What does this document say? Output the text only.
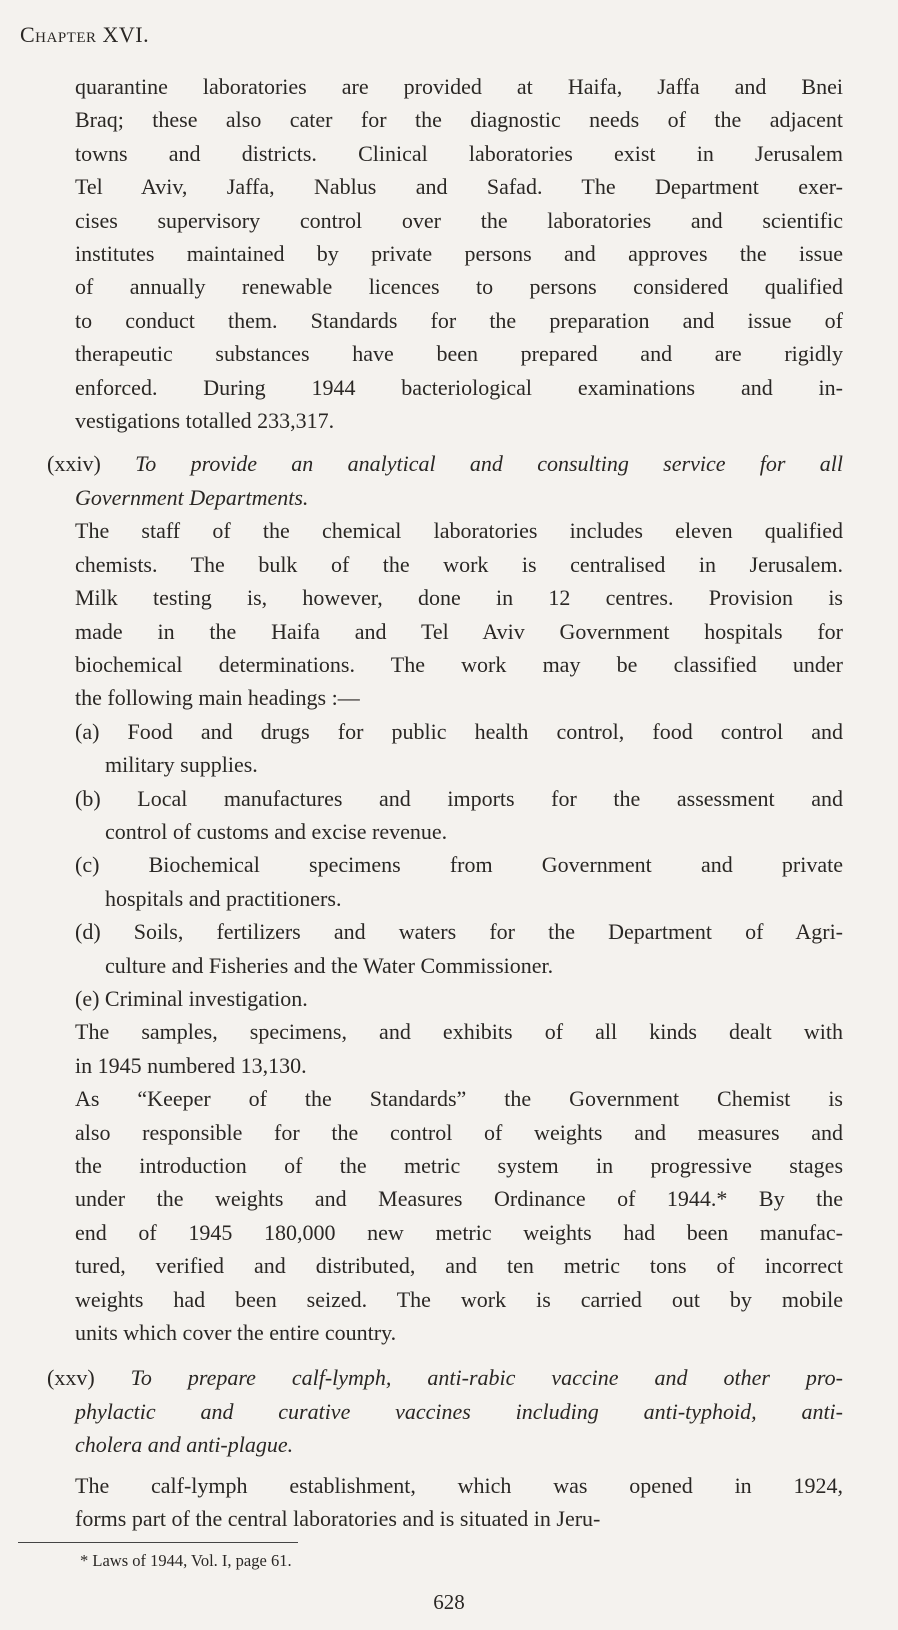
Chapter XVI.
quarantine laboratories are provided at Haifa, Jaffa and Bnei
Braq; these also cater for the diagnostic needs of the adjacent
towns and districts. Clinical laboratories exist in Jerusalem
Tel Aviv, Jaffa, Nablus and Safad. The Department exer-
cises supervisory control over the laboratories and scientific
institutes maintained by private persons and approves the issue
of annually renewable licences to persons considered qualified
to conduct them. Standards for the preparation and issue of
therapeutic substances have been prepared and are rigidly
enforced. During 1944 bacteriological examinations and in-
vestigations totalled 233,317.
(xxiv) To provide an analytical and consulting service for all
Government Departments.
The staff of the chemical laboratories includes eleven qualified
chemists. The bulk of the work is centralised in Jerusalem.
Milk testing is, however, done in 12 centres. Provision is
made in the Haifa and Tel Aviv Government hospitals for
biochemical determinations. The work may be classified under
the following main headings :—
(a) Food and drugs for public health control, food control and
military supplies.
(b) Local manufactures and imports for the assessment and
control of customs and excise revenue.
(c) Biochemical specimens from Government and private
hospitals and practitioners.
(d) Soils, fertilizers and waters for the Department of Agri-
culture and Fisheries and the Water Commissioner.
(e) Criminal investigation.
The samples, specimens, and exhibits of all kinds dealt with
in 1945 numbered 13,130.
As “Keeper of the Standards” the Government Chemist is
also responsible for the control of weights and measures and
the introduction of the metric system in progressive stages
under the weights and Measures Ordinance of 1944.* By the
end of 1945 180,000 new metric weights had been manufac-
tured, verified and distributed, and ten metric tons of incorrect
weights had been seized. The work is carried out by mobile
units which cover the entire country.
(xxv) To prepare calf-lymph, anti-rabic vaccine and other pro-
phylactic and curative vaccines including anti-typhoid, anti-
cholera and anti-plague.
The calf-lymph establishment, which was opened in 1924,
forms part of the central laboratories and is situated in Jeru-
* Laws of 1944, Vol. I, page 61.
628
